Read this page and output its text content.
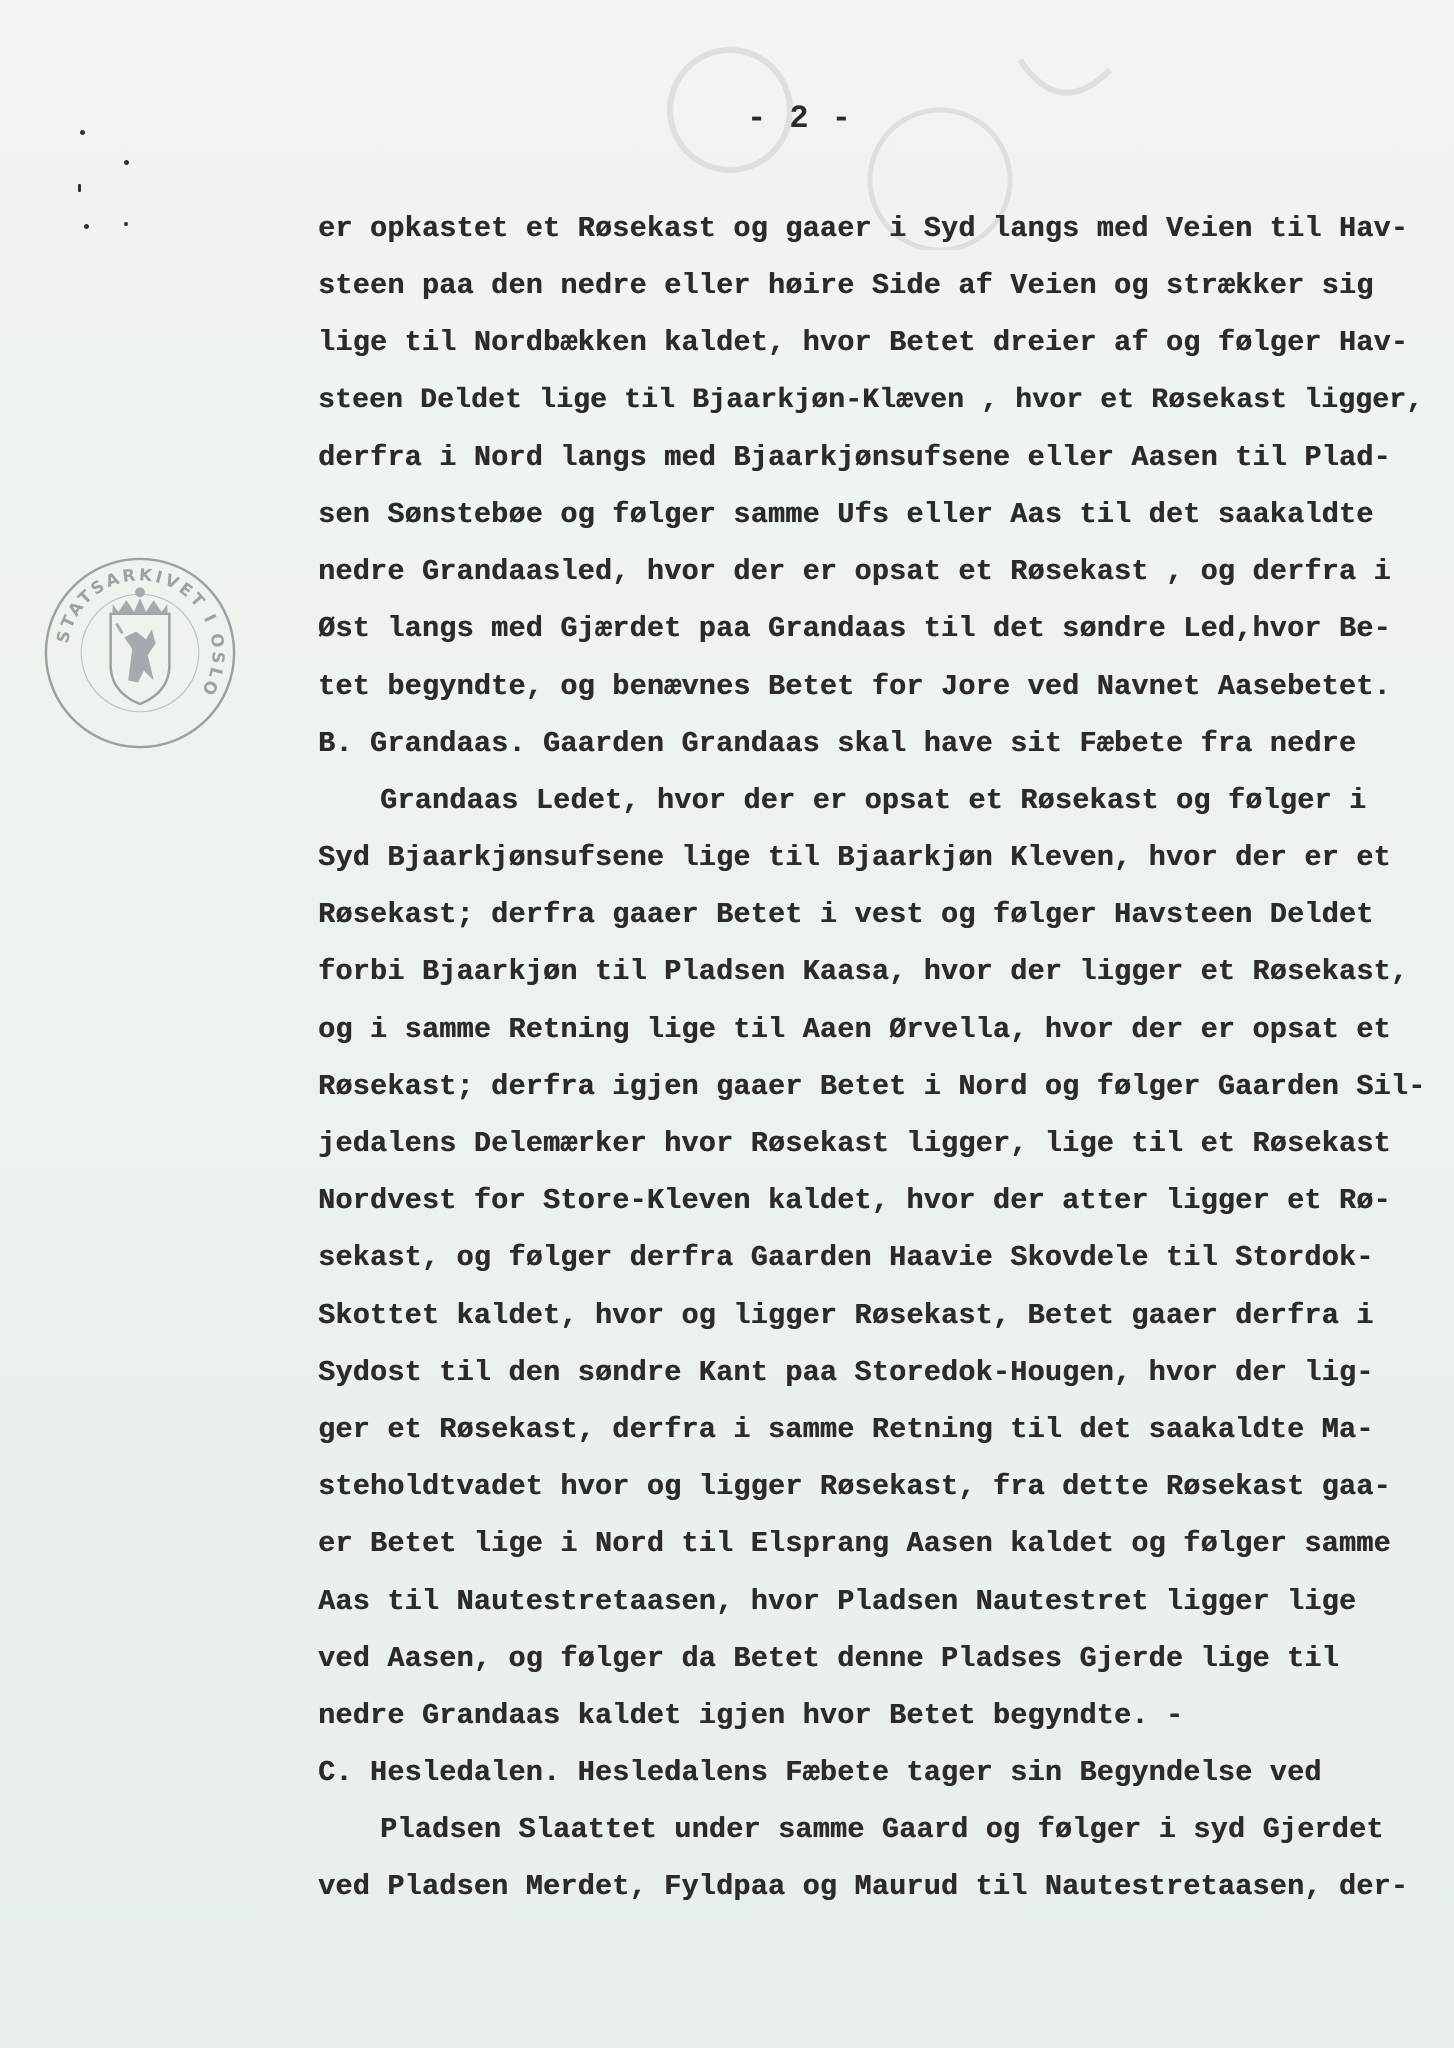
- 2 -
STATSARKIVET I OSLO
er opkastet et Røsekast og gaaer i Syd langs med Veien til Hav-
steen paa den nedre eller høire Side af Veien og strækker sig
lige til Nordbækken kaldet, hvor Betet dreier af og følger Hav-
steen Deldet lige til Bjaarkjøn-Klæven , hvor et Røsekast ligger,
derfra i Nord langs med Bjaarkjønsufsene eller Aasen til Plad-
sen Sønstebøe og følger samme Ufs eller Aas til det saakaldte
nedre Grandaasled, hvor der er opsat et Røsekast , og derfra i
Øst langs med Gjærdet paa Grandaas til det søndre Led,hvor Be-
tet begyndte, og benævnes Betet for Jore ved Navnet Aasebetet.
B. Grandaas. Gaarden Grandaas skal have sit Fæbete fra nedre
Grandaas Ledet, hvor der er opsat et Røsekast og følger i
Syd Bjaarkjønsufsene lige til Bjaarkjøn Kleven, hvor der er et
Røsekast; derfra gaaer Betet i vest og følger Havsteen Deldet
forbi Bjaarkjøn til Pladsen Kaasa, hvor der ligger et Røsekast,
og i samme Retning lige til Aaen Ørvella, hvor der er opsat et
Røsekast; derfra igjen gaaer Betet i Nord og følger Gaarden Sil-
jedalens Delemærker hvor Røsekast ligger, lige til et Røsekast
Nordvest for Store-Kleven kaldet, hvor der atter ligger et Rø-
sekast, og følger derfra Gaarden Haavie Skovdele til Stordok-
Skottet kaldet, hvor og ligger Røsekast, Betet gaaer derfra i
Sydost til den søndre Kant paa Storedok-Hougen, hvor der lig-
ger et Røsekast, derfra i samme Retning til det saakaldte Ma-
steholdtvadet hvor og ligger Røsekast, fra dette Røsekast gaa-
er Betet lige i Nord til Elsprang Aasen kaldet og følger samme
Aas til Nautestretaasen, hvor Pladsen Nautestret ligger lige
ved Aasen, og følger da Betet denne Pladses Gjerde lige til
nedre Grandaas kaldet igjen hvor Betet begyndte. -
C. Hesledalen. Hesledalens Fæbete tager sin Begyndelse ved
Pladsen Slaattet under samme Gaard og følger i syd Gjerdet
ved Pladsen Merdet, Fyldpaa og Maurud til Nautestretaasen, der-
